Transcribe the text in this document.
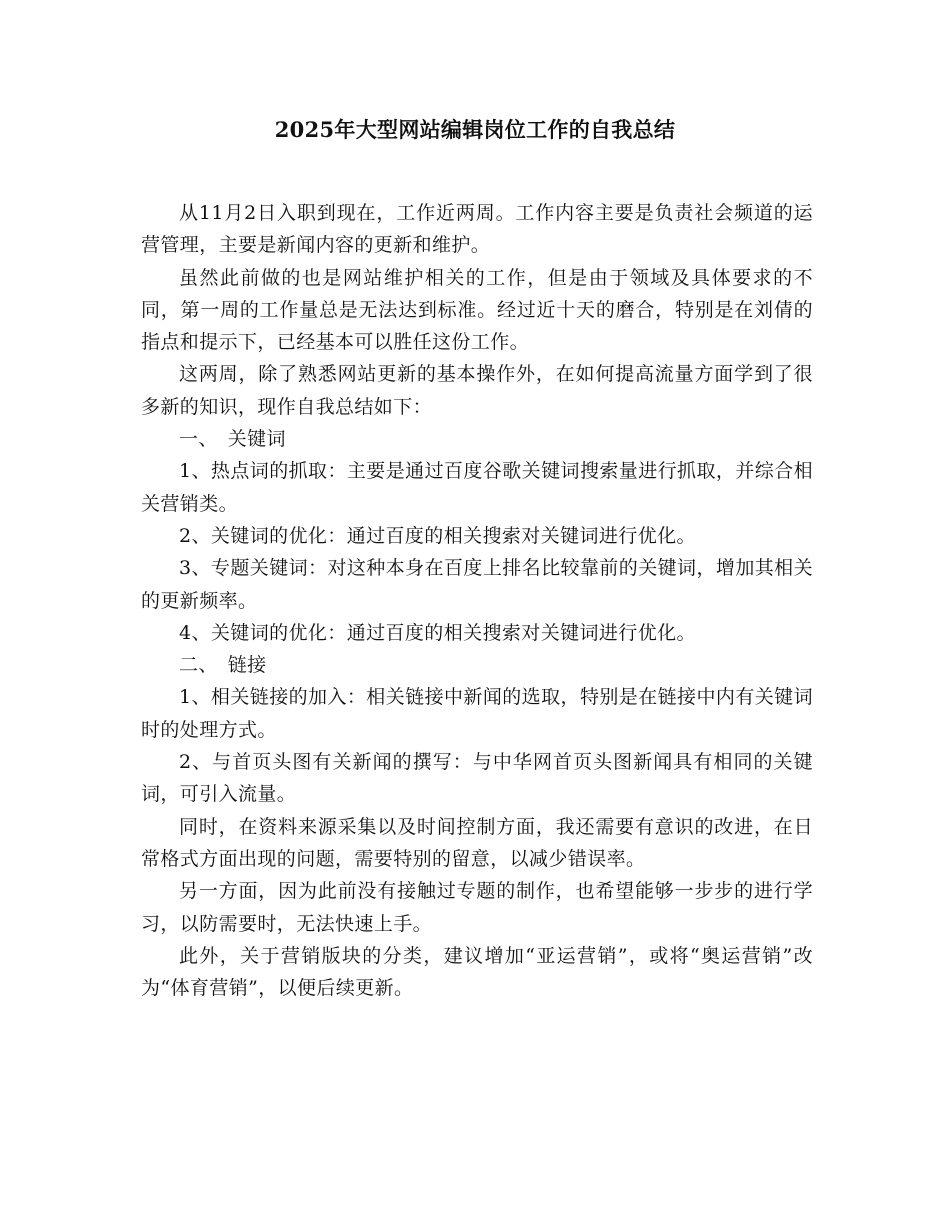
2025年大型网站编辑岗位工作的自我总结

从11月2日入职到现在，工作近两周。工作内容主要是负责社会频道的运营管理，主要是新闻内容的更新和维护。

虽然此前做的也是网站维护相关的工作，但是由于领域及具体要求的不同，第一周的工作量总是无法达到标准。经过近十天的磨合，特别是在刘倩的指点和提示下，已经基本可以胜任这份工作。

这两周，除了熟悉网站更新的基本操作外，在如何提高流量方面学到了很多新的知识，现作自我总结如下：

一、　关键词

1、热点词的抓取：主要是通过百度谷歌关键词搜索量进行抓取，并综合相关营销类。

2、关键词的优化：通过百度的相关搜索对关键词进行优化。

3、专题关键词：对这种本身在百度上排名比较靠前的关键词，增加其相关的更新频率。

4、关键词的优化：通过百度的相关搜索对关键词进行优化。

二、　链接

1、相关链接的加入：相关链接中新闻的选取，特别是在链接中内有关键词时的处理方式。

2、与首页头图有关新闻的撰写：与中华网首页头图新闻具有相同的关键词，可引入流量。

同时，在资料来源采集以及时间控制方面，我还需要有意识的改进，在日常格式方面出现的问题，需要特别的留意，以减少错误率。

另一方面，因为此前没有接触过专题的制作，也希望能够一步步的进行学习，以防需要时，无法快速上手。

此外，关于营销版块的分类，建议增加“亚运营销”，或将“奥运营销”改为“体育营销”，以便后续更新。
